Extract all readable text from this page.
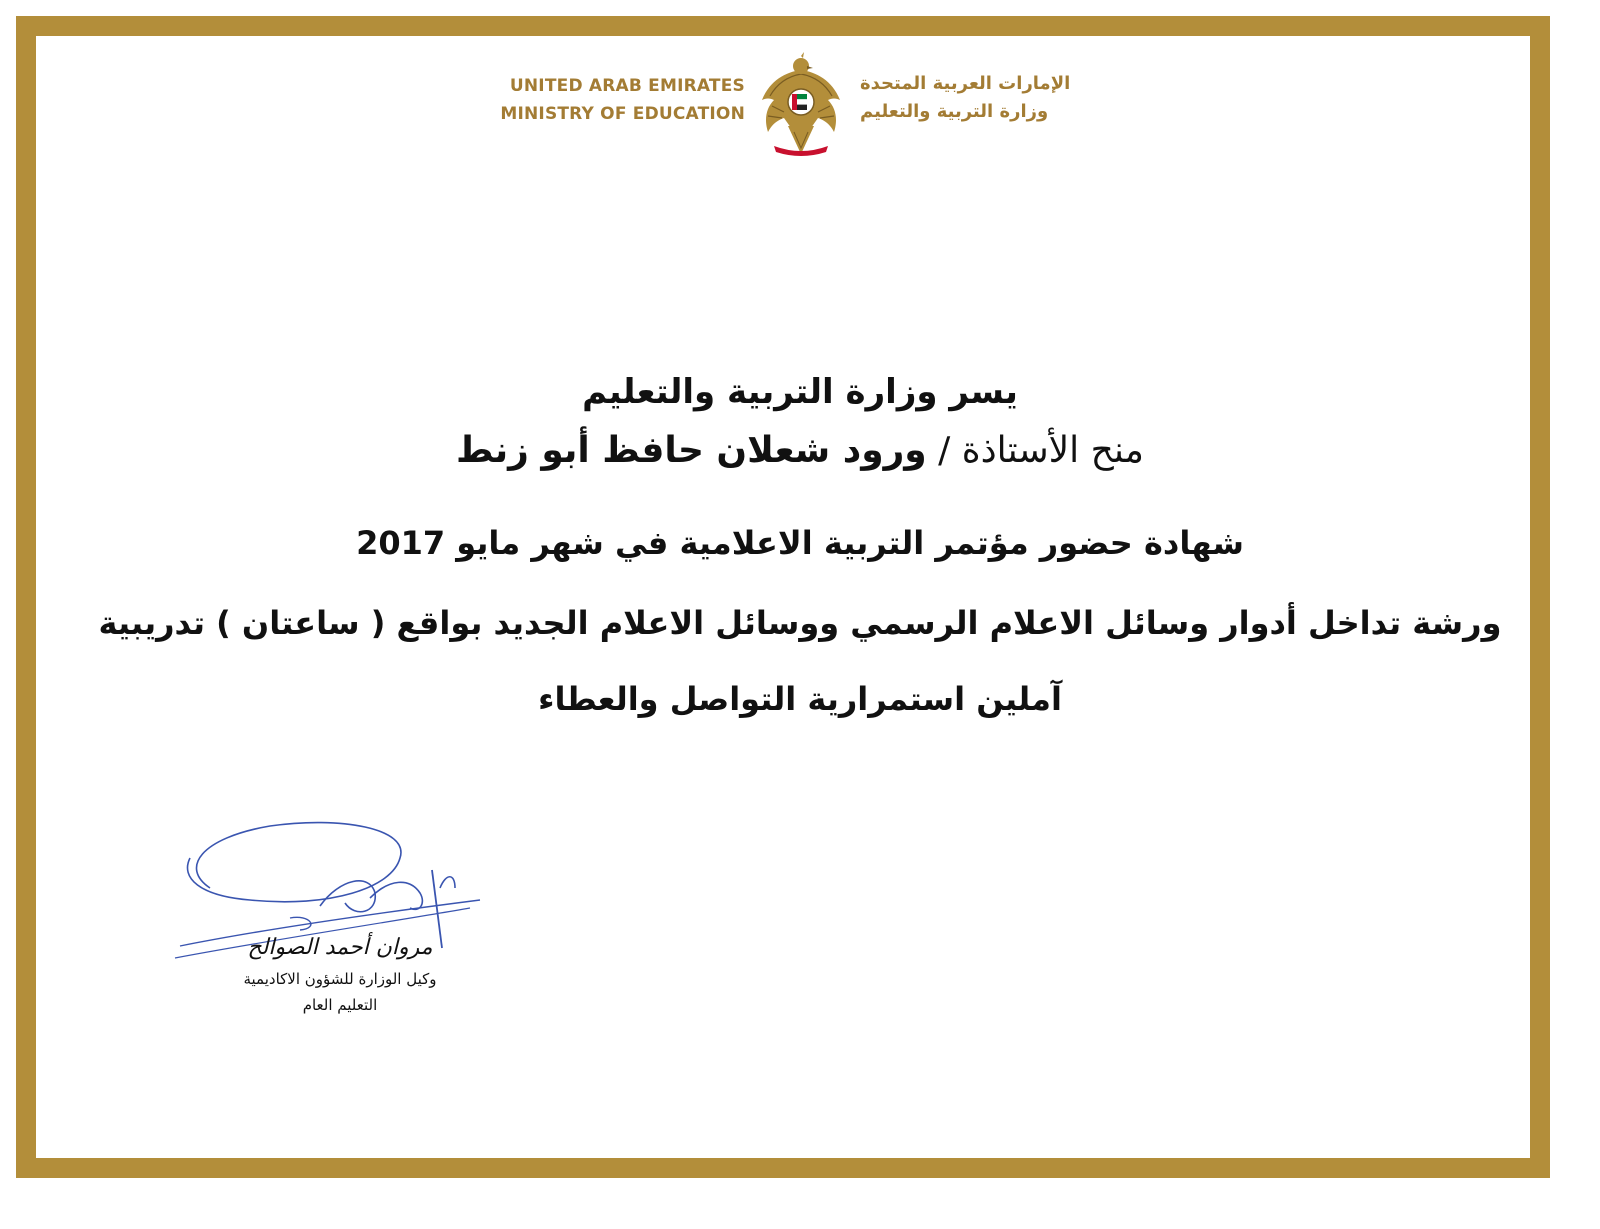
UNITED ARAB EMIRATES
MINISTRY OF EDUCATION
الإمارات العربية المتحدة
وزارة التربية والتعليم
يسر وزارة التربية والتعليم
منح الأستاذة / ورود شعلان حافظ أبو زنط
شهادة حضور مؤتمر التربية الاعلامية في شهر مايو 2017
ورشة تداخل أدوار وسائل الاعلام الرسمي ووسائل الاعلام الجديد بواقع ( ساعتان ) تدريبية
آملين استمرارية التواصل والعطاء
مروان أحمد الصوالح
وكيل الوزارة للشؤون الاكاديمية
التعليم العام
